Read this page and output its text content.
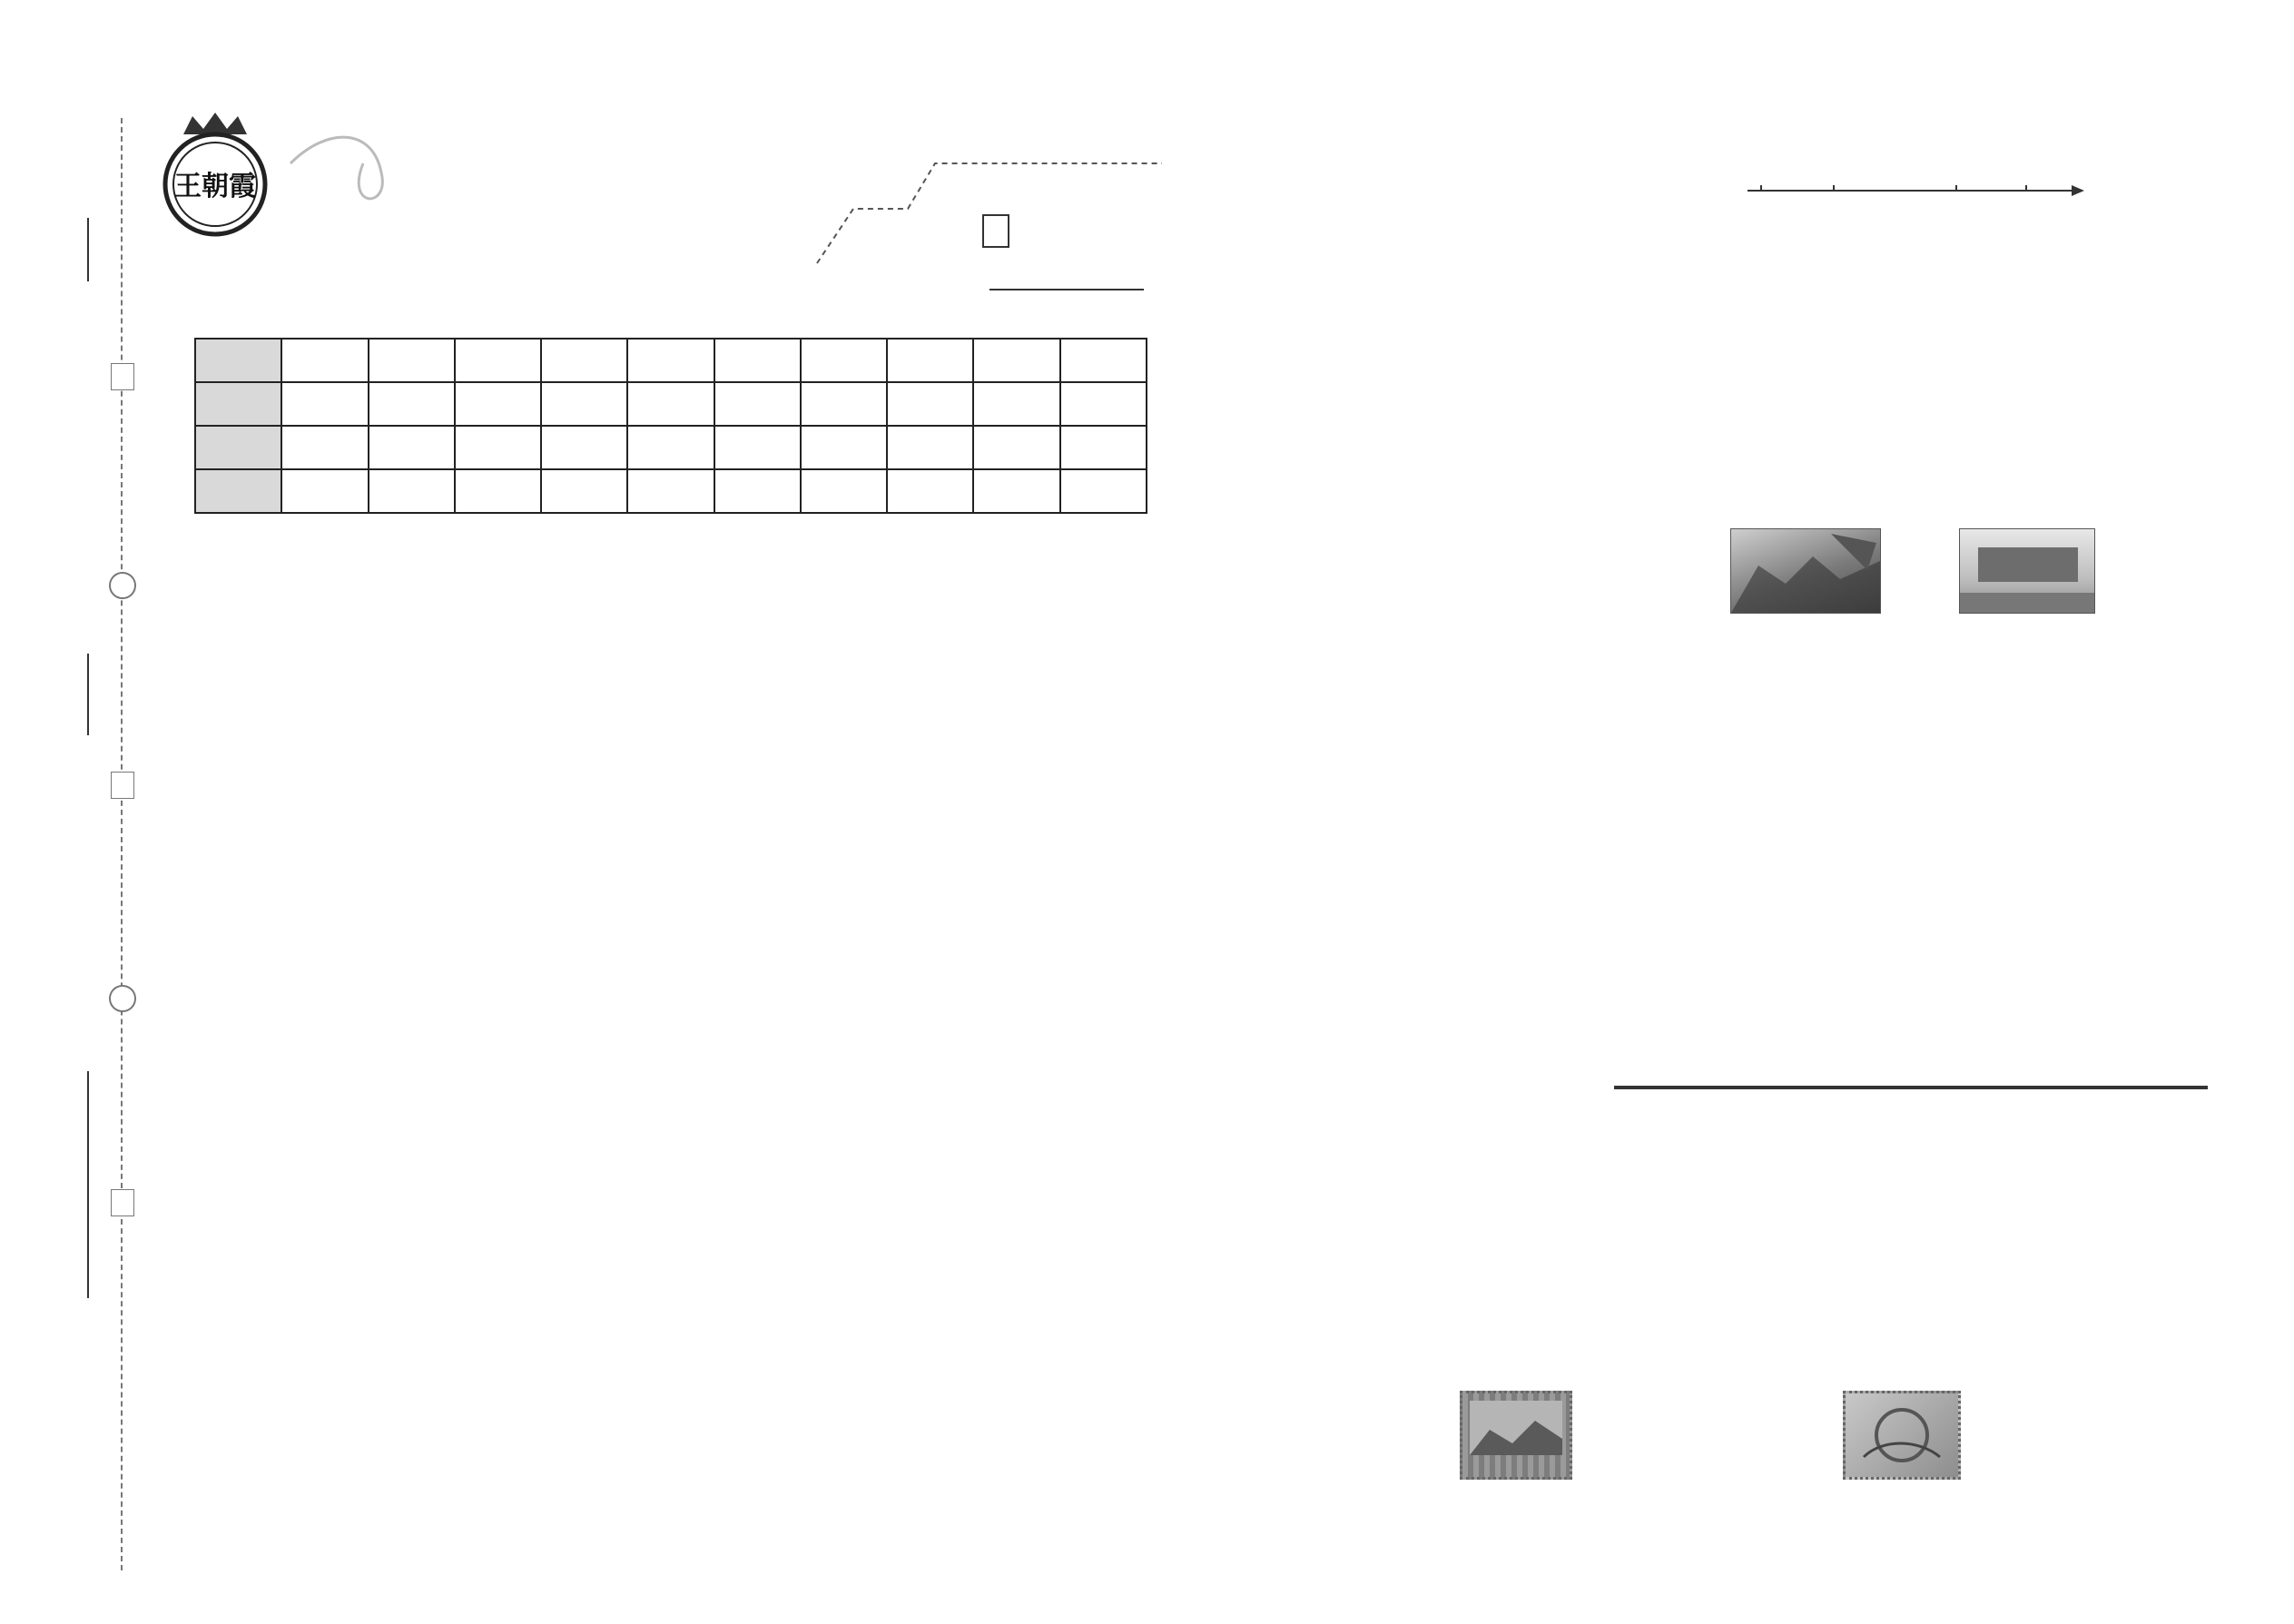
王朝霞
